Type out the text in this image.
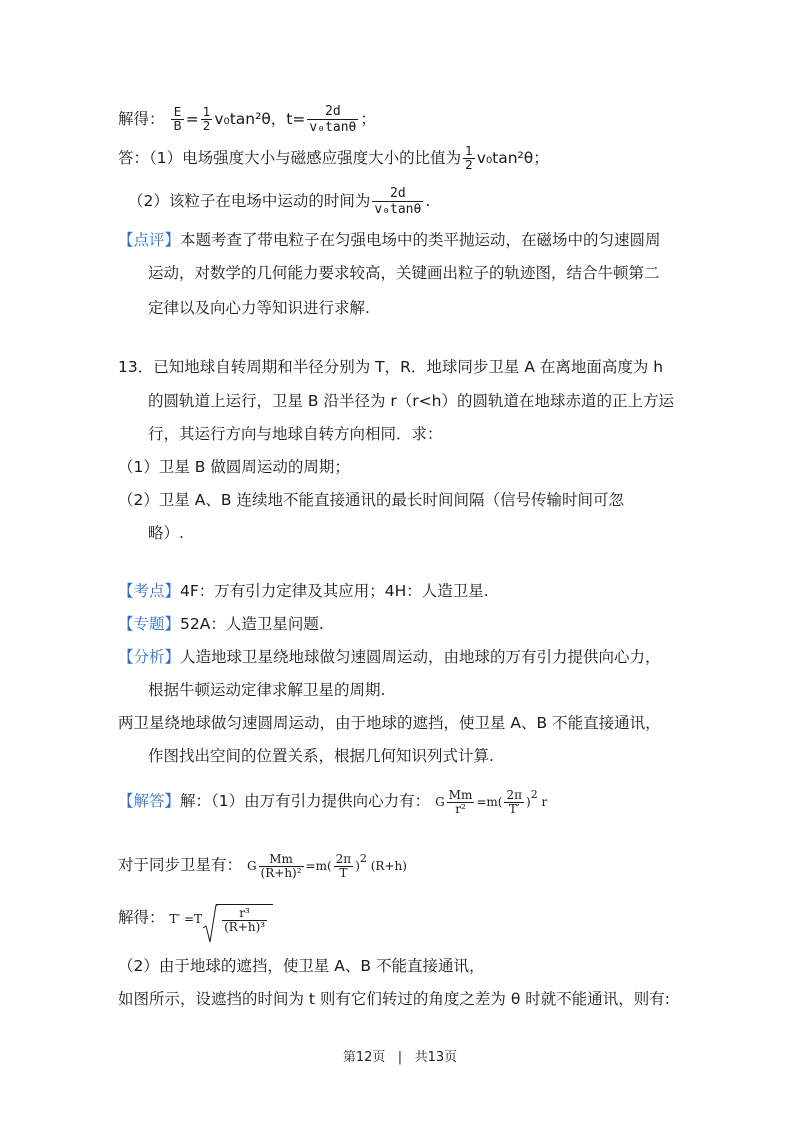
解得： $\frac{E}{B} = \frac{1}{2} v_0\tan^2\theta$，$t= \frac{2d}{\text{v₀tanθ}}$ ；
答：（1）电场强度大小与磁感应强度大小的比值为 $\frac{1}{2} v_0\tan^2\theta$；
（2）该粒子在电场中运动的时间为 $\frac{2d}{\text{v₀tanθ}}$ .
【点评】本题考查了带电粒子在匀强电场中的类平抛运动，在磁场中的匀速圆周
运动，对数学的几何能力要求较高，关键画出粒子的轨迹图，结合牛顿第二
定律以及向心力等知识进行求解.
13．已知地球自转周期和半径分别为 T，R．地球同步卫星 A 在离地面高度为 h
的圆轨道上运行，卫星 B 沿半径为 r（r<h）的圆轨道在地球赤道的正上方运
行，其运行方向与地球自转方向相同．求：
（1）卫星 B 做圆周运动的周期；
（2）卫星 A、B 连续地不能直接通讯的最长时间间隔（信号传输时间可忽
略）.
【考点】4F：万有引力定律及其应用；4H：人造卫星.
【专题】52A：人造卫星问题.
【分析】人造地球卫星绕地球做匀速圆周运动，由地球的万有引力提供向心力，
根据牛顿运动定律求解卫星的周期.
两卫星绕地球做匀速圆周运动，由于地球的遮挡，使卫星 A、B 不能直接通讯，
作图找出空间的位置关系，根据几何知识列式计算.
【解答】解：（1）由万有引力提供向心力有： G $\frac{Mm}{\text{r²}} =m( \frac{2\pi}{T'} )2$ r
对于同步卫星有： G $\frac{Mm}{\text{(R+h)²}} =m( \frac{2\pi}{T} )2$ (R+h)
解得： $T' =T \frac{\text{r³}}{\text{(R+h)³}}$
（2）由于地球的遮挡，使卫星 A、B 不能直接通讯，
如图所示，设遮挡的时间为 t 则有它们转过的角度之差为 θ 时就不能通讯，则有:
第12页 | 共13页
